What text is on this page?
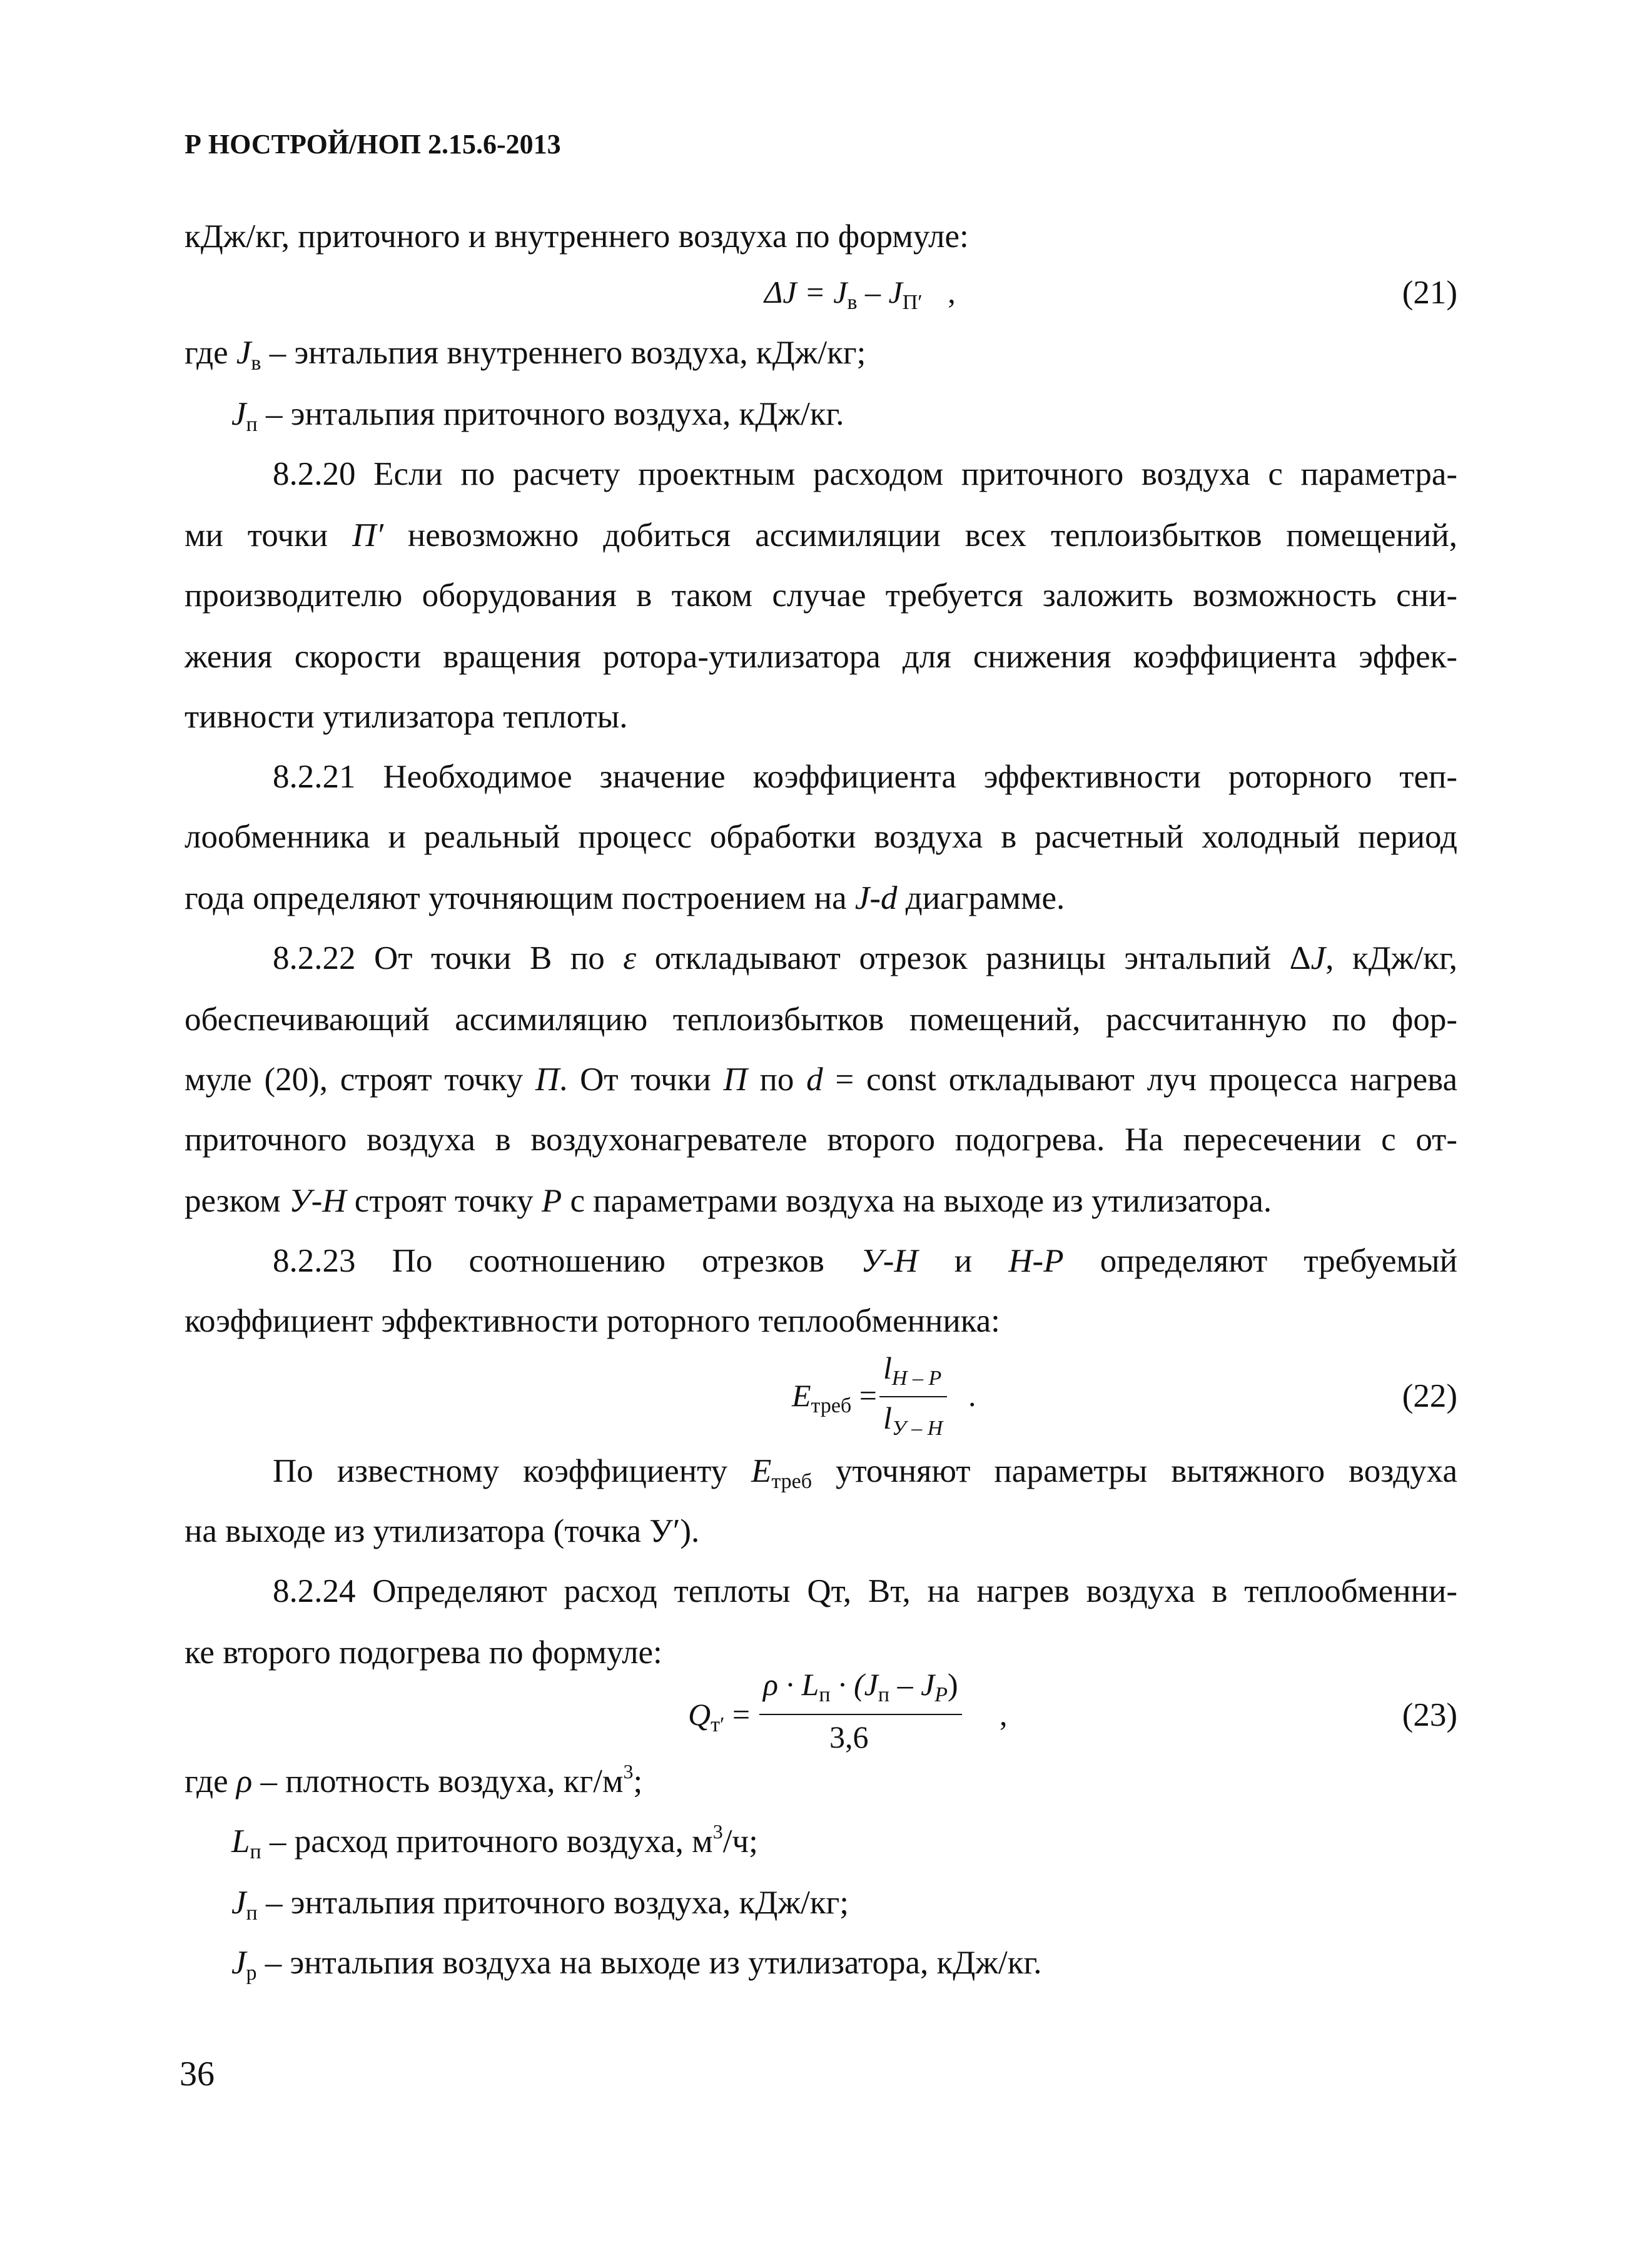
Р НОСТРОЙ/НОП 2.15.6-2013
кДж/кг, приточного и внутреннего воздуха по формуле:
$\Delta J = J_в - J_{П'}$ ,	(21)
где $J_в$ – энтальпия внутреннего воздуха, кДж/кг;
$J_п$ – энтальпия приточного воздуха, кДж/кг.
8.2.20 Если по расчету проектным расходом приточного воздуха с параметра-
ми точки П′ невозможно добиться ассимиляции всех теплоизбытков помещений,
производителю оборудования в таком случае требуется заложить возможность сни-
жения скорости вращения ротора-утилизатора для снижения коэффициента эффек-
тивности утилизатора теплоты.
8.2.21 Необходимое значение коэффициента эффективности роторного теп-
лообменника и реальный процесс обработки воздуха в расчетный холодный период
года определяют уточняющим построением на J-d диаграмме.
8.2.22 От точки В по ε откладывают отрезок разницы энтальпий ΔJ, кДж/кг,
обеспечивающий ассимиляцию теплоизбытков помещений, рассчитанную по фор-
муле (20), строят точку П. От точки П по d = const откладывают луч процесса нагрева
приточного воздуха в воздухонагревателе второго подогрева. На пересечении с от-
резком У-Н строят точку Р с параметрами воздуха на выходе из утилизатора.
8.2.23 По соотношению отрезков У-Н и Н-Р определяют требуемый
коэффициент эффективности роторного теплообменника:
$E_{треб}$ =
$l_{H - P}$
$l_{У - Н}$
.	(22)
По известному коэффициенту $E_{треб}$ уточняют параметры вытяжного воздуха
на выходе из утилизатора (точка У′).
8.2.24 Определяют расход теплоты Qт, Вт, на нагрев воздуха в теплообменни-
ке второго подогрева по формуле:
$Q_{т'}$ =
$\rho \cdot L_п \cdot (J_п - J_P)$
3,6
,	(23)
где ρ – плотность воздуха, $кг/м^3$;
$L_п$ – расход приточного воздуха, $м^3/ч$;
$J_п$ – энтальпия приточного воздуха, кДж/кг;
$J_р$ – энтальпия воздуха на выходе из утилизатора, кДж/кг.
36
